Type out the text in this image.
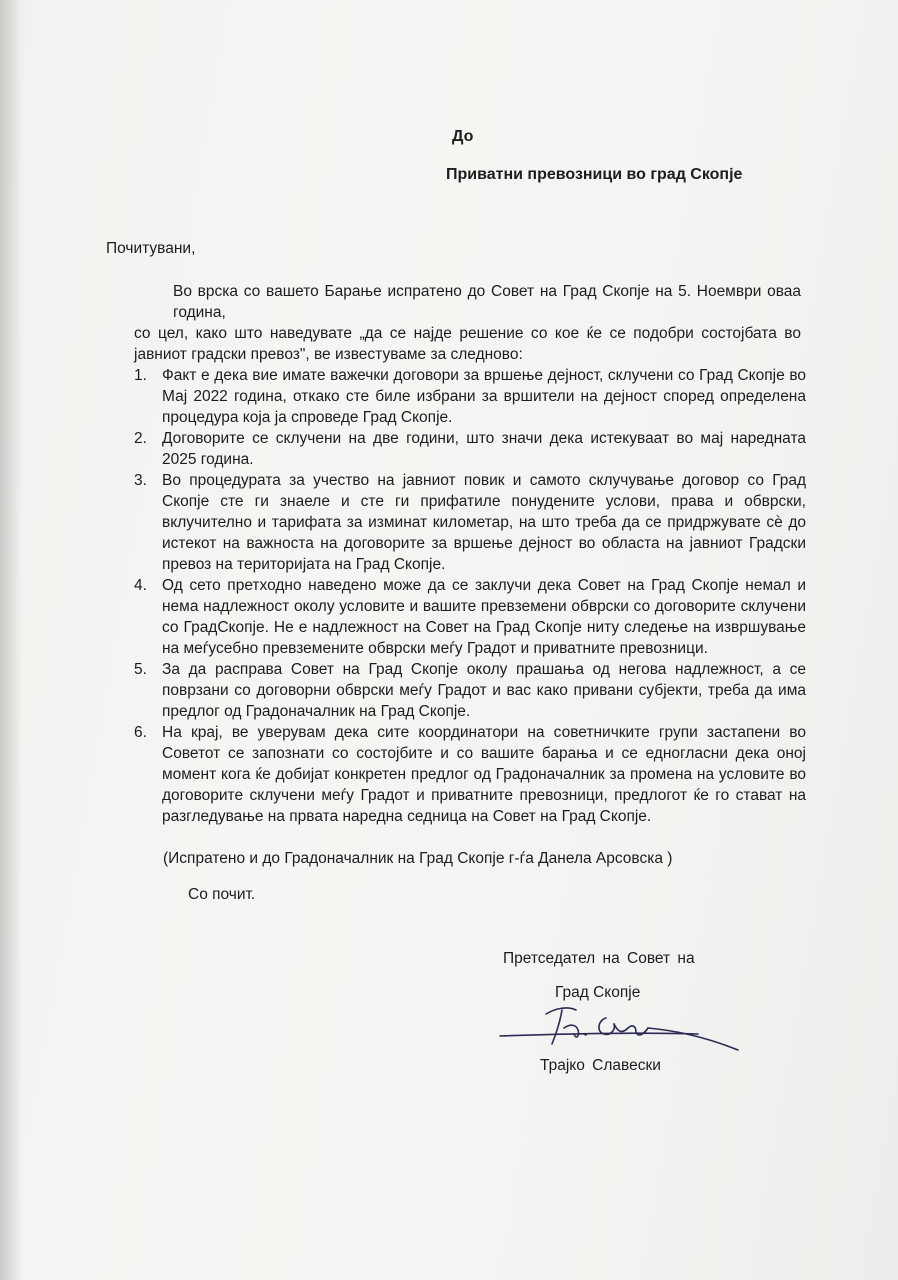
До
Приватни превозници во град Скопје
Почитувани,
Во врска со вашето Барање испратено до Совет на Град Скопје на 5. Ноември оваа година,
со цел, како што наведувате „да се најде решение со кое ќе се подобри состојбата во јавниот градски превоз", ве известуваме за следново:
1. Факт е дека вие имате важечки договори за вршење дејност, склучени со Град Скопје во Мај 2022 година, откако сте биле избрани за вршители на дејност според определена процедура која ја спроведе Град Скопје.
2. Договорите се склучени на две години, што значи дека истекуваат во мај наредната 2025 година.
3. Во процедурата за учество на јавниот повик и самото склучување договор со Град Скопје сте ги знаеле и сте ги прифатиле понудените услови, права и обврски, вклучително и тарифата за изминат километар, на што треба да се придржувате сѐ до истекот на важноста на договорите за вршење дејност во областа на јавниот Градски превоз на територијата на Град Скопје.
4. Од сето претходно наведено може да се заклучи дека Совет на Град Скопје немал и нема надлежност околу условите и вашите превземени обврски со договорите склучени со ГрадСкопје. Не е надлежност на Совет на Град Скопје ниту следење на извршување на меѓусебно превземените обврски меѓу Градот и приватните превозници.
5. За да расправа Совет на Град Скопје околу прашања од негова надлежност, а се поврзани со договорни обврски меѓу Градот и вас како привани субјекти, треба да има предлог од Градоначалник на Град Скопје.
6. На крај, ве уверувам дека сите координатори на советничките групи застапени во Советот се запознати со состојбите и со вашите барања и се едногласни дека оној момент кога ќе добијат конкретен предлог од Градоначалник за промена на условите во договорите склучени меѓу Градот и приватните превозници, предлогот ќе го стават на разгледување на првата наредна седница на Совет на Град Скопје.
(Испратено и до Градоначалник на Град Скопје г-ѓа Данела Арсовска )
Со почит.
Претседател на Совет на
Град Скопје
Трајко Славески
